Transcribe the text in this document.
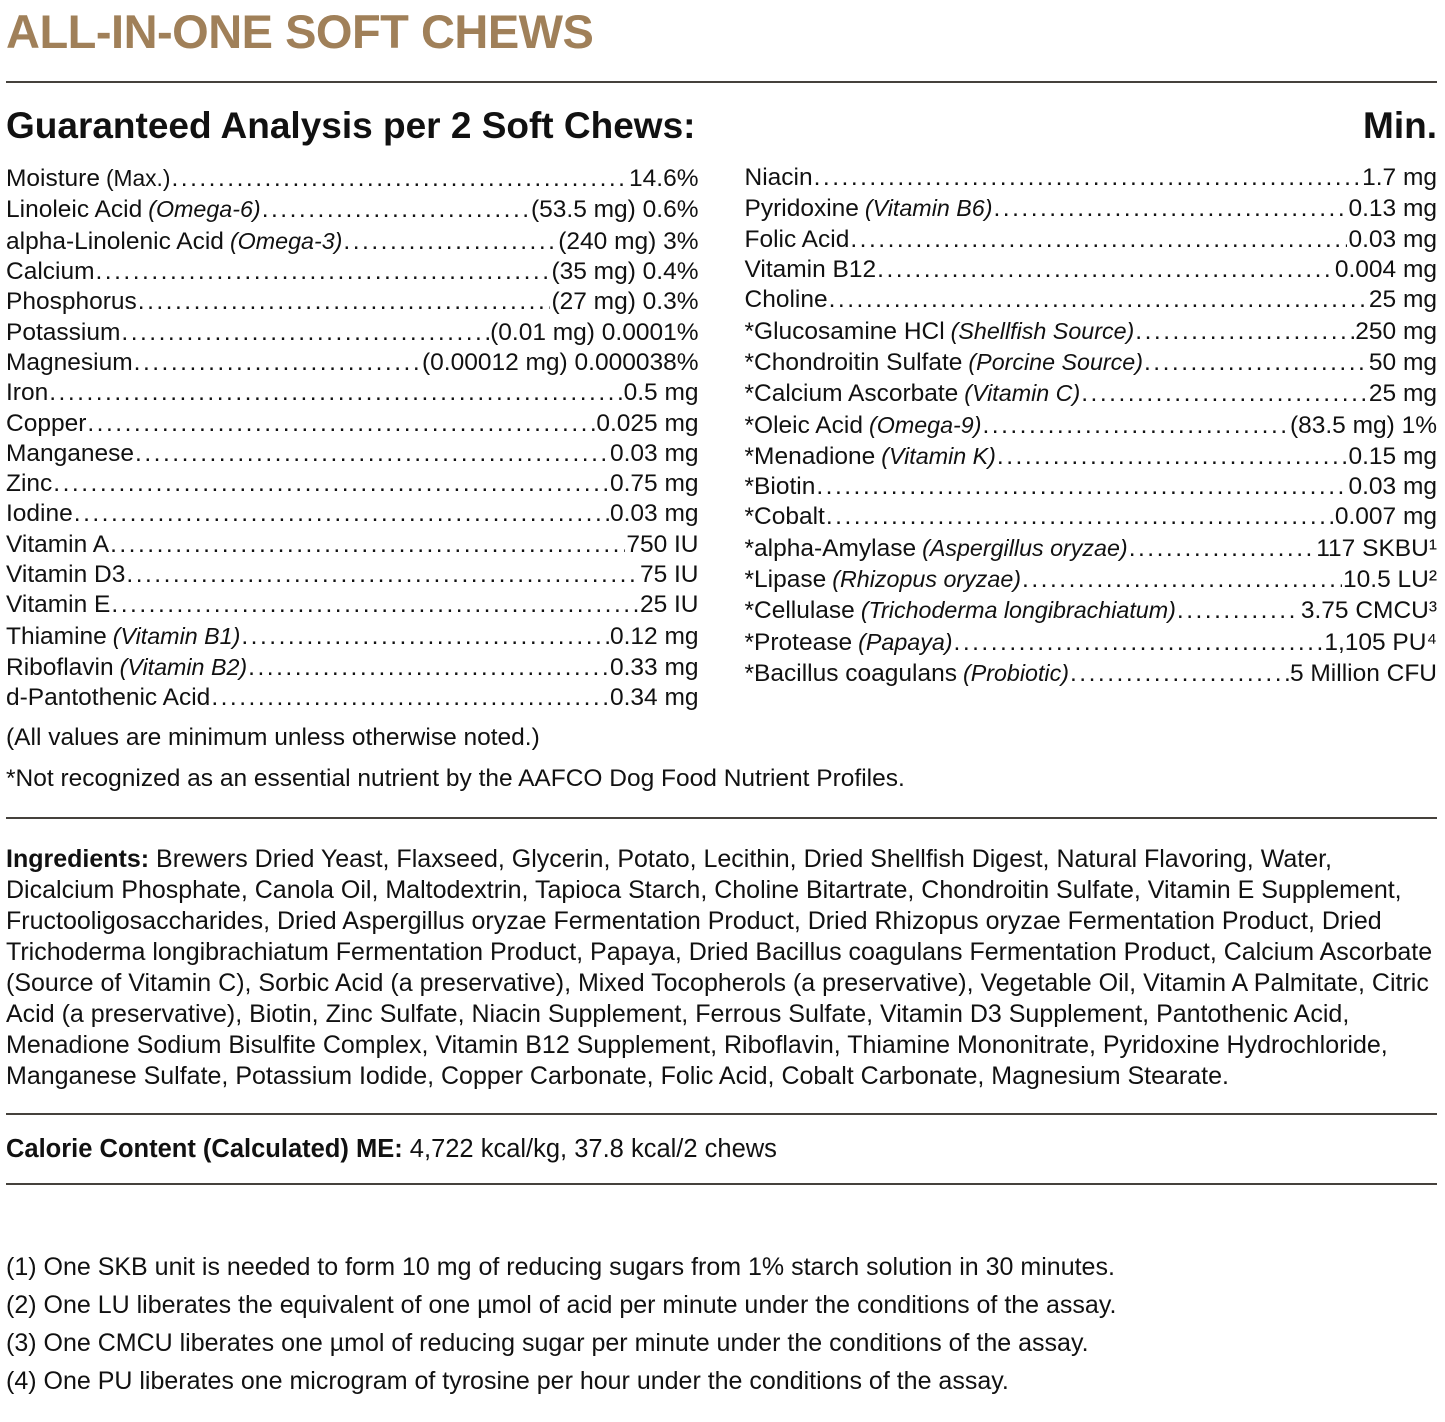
ALL-IN-ONE SOFT CHEWS
Guaranteed Analysis per 2 Soft Chews:	Min.
Moisture (Max.) .....	14.6%
Linoleic Acid (Omega-6) .....	(53.5 mg) 0.6%
alpha-Linolenic Acid (Omega-3) .....	(240 mg) 3%
Calcium .....	(35 mg) 0.4%
Phosphorus .....	(27 mg) 0.3%
Potassium .....	(0.01 mg) 0.0001%
Magnesium .....	(0.00012 mg) 0.000038%
Iron .....	0.5 mg
Copper .....	0.025 mg
Manganese .....	0.03 mg
Zinc .....	0.75 mg
Iodine .....	0.03 mg
Vitamin A .....	750 IU
Vitamin D3 .....	75 IU
Vitamin E .....	25 IU
Thiamine (Vitamin B1) .....	0.12 mg
Riboflavin (Vitamin B2) .....	0.33 mg
d-Pantothenic Acid .....	0.34 mg
Niacin .....	1.7 mg
Pyridoxine (Vitamin B6) .....	0.13 mg
Folic Acid .....	0.03 mg
Vitamin B12 .....	0.004 mg
Choline .....	25 mg
*Glucosamine HCl (Shellfish Source) .....	250 mg
*Chondroitin Sulfate (Porcine Source) .....	50 mg
*Calcium Ascorbate (Vitamin C) .....	25 mg
*Oleic Acid (Omega-9) .....	(83.5 mg) 1%
*Menadione (Vitamin K) .....	0.15 mg
*Biotin .....	0.03 mg
*Cobalt .....	0.007 mg
*alpha-Amylase (Aspergillus oryzae) .....	117 SKBU¹
*Lipase (Rhizopus oryzae) .....	10.5 LU²
*Cellulase (Trichoderma longibrachiatum) .....	3.75 CMCU³
*Protease (Papaya) .....	1,105 PU⁴
*Bacillus coagulans (Probiotic) .....	5 Million CFU

(All values are minimum unless otherwise noted.)

*Not recognized as an essential nutrient by the AAFCO Dog Food Nutrient Profiles.

Ingredients: Brewers Dried Yeast, Flaxseed, Glycerin, Potato, Lecithin, Dried Shellfish Digest, Natural Flavoring, Water, Dicalcium Phosphate, Canola Oil, Maltodextrin, Tapioca Starch, Choline Bitartrate, Chondroitin Sulfate, Vitamin E Supplement, Fructooligosaccharides, Dried Aspergillus oryzae Fermentation Product, Dried Rhizopus oryzae Fermentation Product, Dried Trichoderma longibrachiatum Fermentation Product, Papaya, Dried Bacillus coagulans Fermentation Product, Calcium Ascorbate (Source of Vitamin C), Sorbic Acid (a preservative), Mixed Tocopherols (a preservative), Vegetable Oil, Vitamin A Palmitate, Citric Acid (a preservative), Biotin, Zinc Sulfate, Niacin Supplement, Ferrous Sulfate, Vitamin D3 Supplement, Pantothenic Acid, Menadione Sodium Bisulfite Complex, Vitamin B12 Supplement, Riboflavin, Thiamine Mononitrate, Pyridoxine Hydrochloride, Manganese Sulfate, Potassium Iodide, Copper Carbonate, Folic Acid, Cobalt Carbonate, Magnesium Stearate.

Calorie Content (Calculated) ME: 4,722 kcal/kg, 37.8 kcal/2 chews

(1) One SKB unit is needed to form 10 mg of reducing sugars from 1% starch solution in 30 minutes.

(2) One LU liberates the equivalent of one µmol of acid per minute under the conditions of the assay.

(3) One CMCU liberates one µmol of reducing sugar per minute under the conditions of the assay.

(4) One PU liberates one microgram of tyrosine per hour under the conditions of the assay.
